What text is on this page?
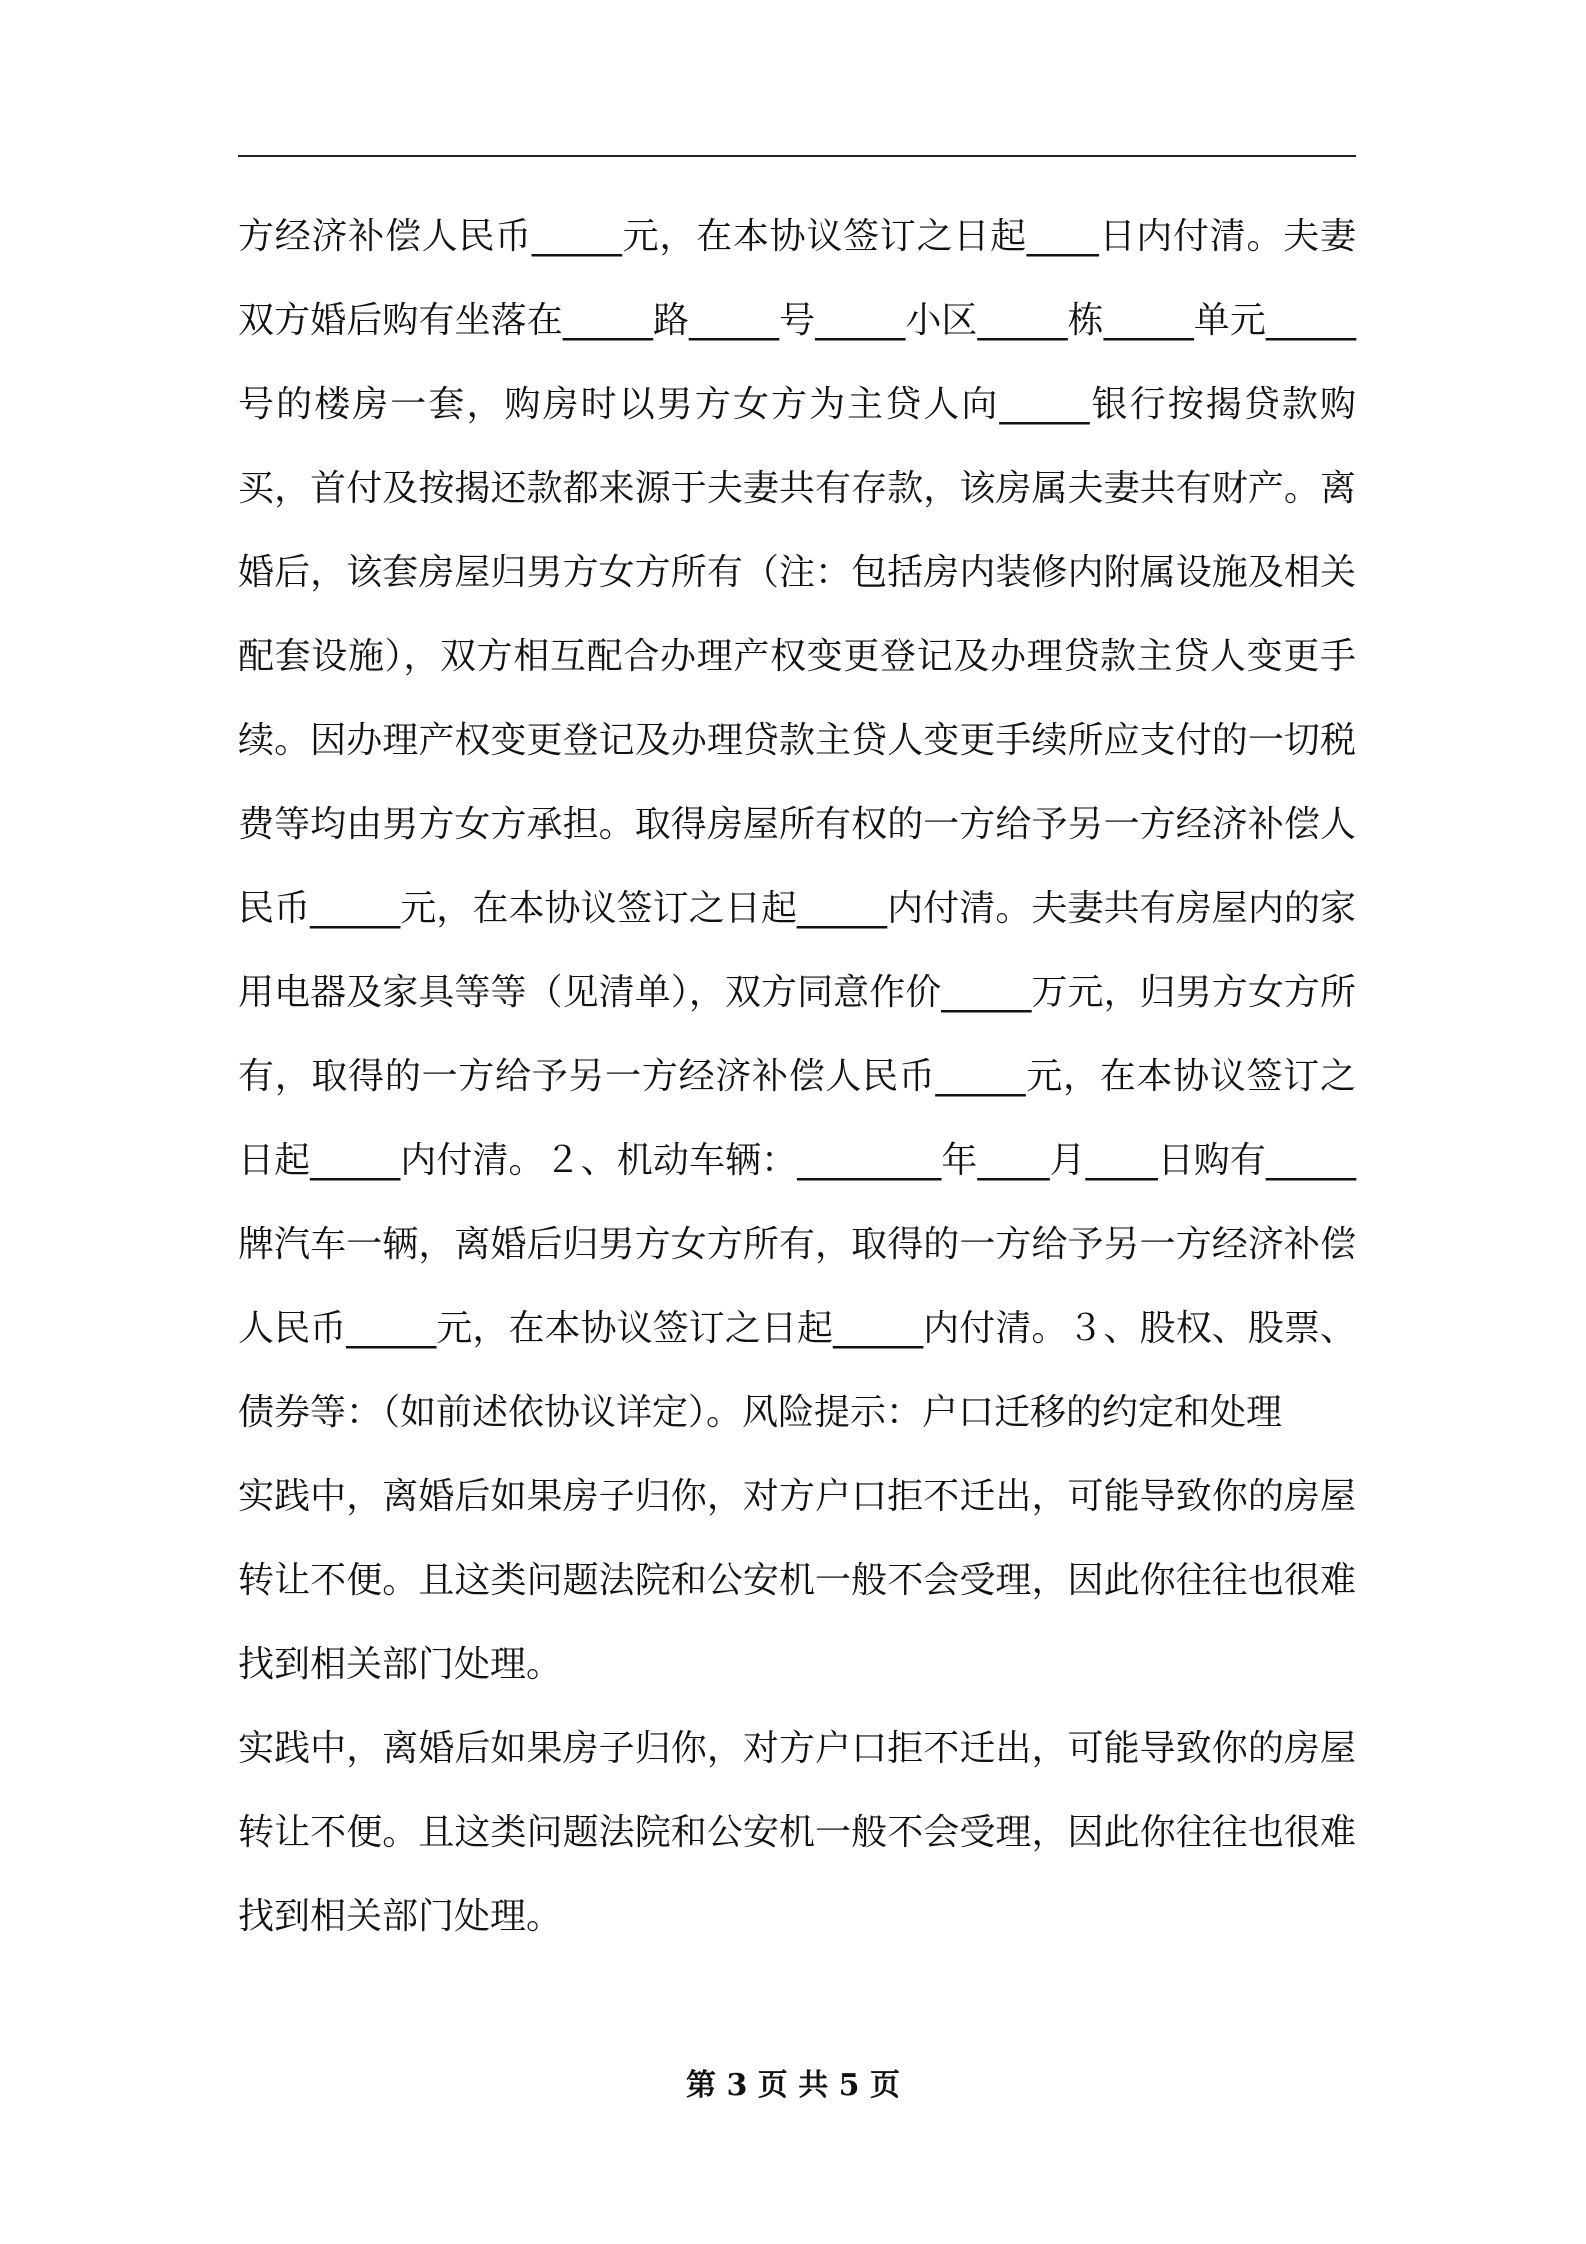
方经济补偿人民币_____元，在本协议签订之日起____日内付清。夫妻双方婚后购有坐落在_____路_____号_____小区_____栋_____单元_____号的楼房一套，购房时以男方女方为主贷人向_____银行按揭贷款购买，首付及按揭还款都来源于夫妻共有存款，该房属夫妻共有财产。离婚后，该套房屋归男方女方所有（注：包括房内装修内附属设施及相关配套设施），双方相互配合办理产权变更登记及办理贷款主贷人变更手续。因办理产权变更登记及办理贷款主贷人变更手续所应支付的一切税费等均由男方女方承担。取得房屋所有权的一方给予另一方经济补偿人民币_____元，在本协议签订之日起_____内付清。夫妻共有房屋内的家用电器及家具等等（见清单），双方同意作价_____万元，归男方女方所有，取得的一方给予另一方经济补偿人民币_____元，在本协议签订之日起_____内付清。２、机动车辆：________年____月____日购有_____牌汽车一辆，离婚后归男方女方所有，取得的一方给予另一方经济补偿人民币_____元，在本协议签订之日起_____内付清。３、股权、股票、债券等：（如前述依协议详定）。风险提示：户口迁移的约定和处理

实践中，离婚后如果房子归你，对方户口拒不迁出，可能导致你的房屋转让不便。且这类问题法院和公安机一般不会受理，因此你往往也很难找到相关部门处理。

实践中，离婚后如果房子归你，对方户口拒不迁出，可能导致你的房屋转让不便。且这类问题法院和公安机一般不会受理，因此你往往也很难找到相关部门处理。

第 3 页 共 5 页
